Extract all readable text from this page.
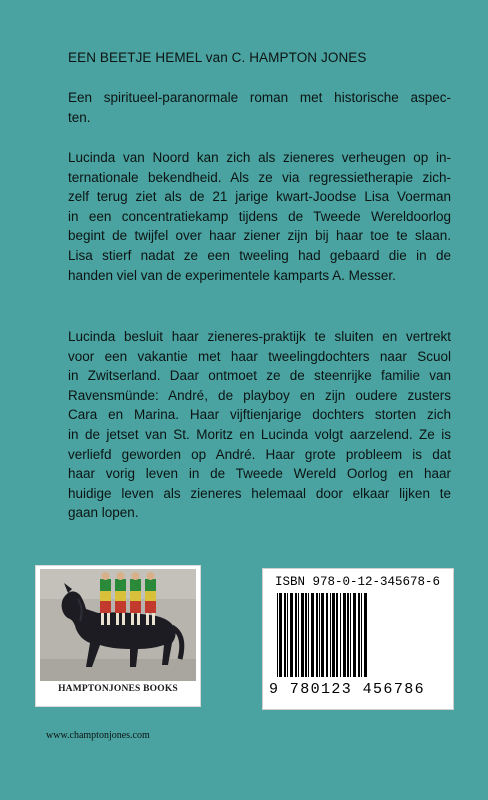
EEN BEETJE HEMEL van C. HAMPTON JONES
Een spiritueel-paranormale roman met historische aspec-
ten.
Lucinda van Noord kan zich als zieneres verheugen op in-
ternationale bekendheid. Als ze via regressietherapie zich-
zelf terug ziet als de 21 jarige kwart-Joodse Lisa Voerman
in een concentratiekamp tijdens de Tweede Wereldoorlog
begint de twijfel over haar ziener zijn bij haar toe te slaan.
Lisa stierf nadat ze een tweeling had gebaard die in de
handen viel van de experimentele kamparts A. Messer.
Lucinda besluit haar zieneres-praktijk te sluiten en vertrekt
voor een vakantie met haar tweelingdochters naar Scuol
in Zwitserland. Daar ontmoet ze de steenrijke familie van
Ravensmünde: André, de playboy en zijn oudere zusters
Cara en Marina. Haar vijftienjarige dochters storten zich
in de jetset van St. Moritz en Lucinda volgt aarzelend. Ze is
verliefd geworden op André. Haar grote probleem is dat
haar vorig leven in de Tweede Wereld Oorlog en haar
huidige leven als zieneres helemaal door elkaar lijken te
gaan lopen.
HAMPTONJONES BOOKS
ISBN 978-0-12-345678-6
9 780123 456786
www.champtonjones.com
